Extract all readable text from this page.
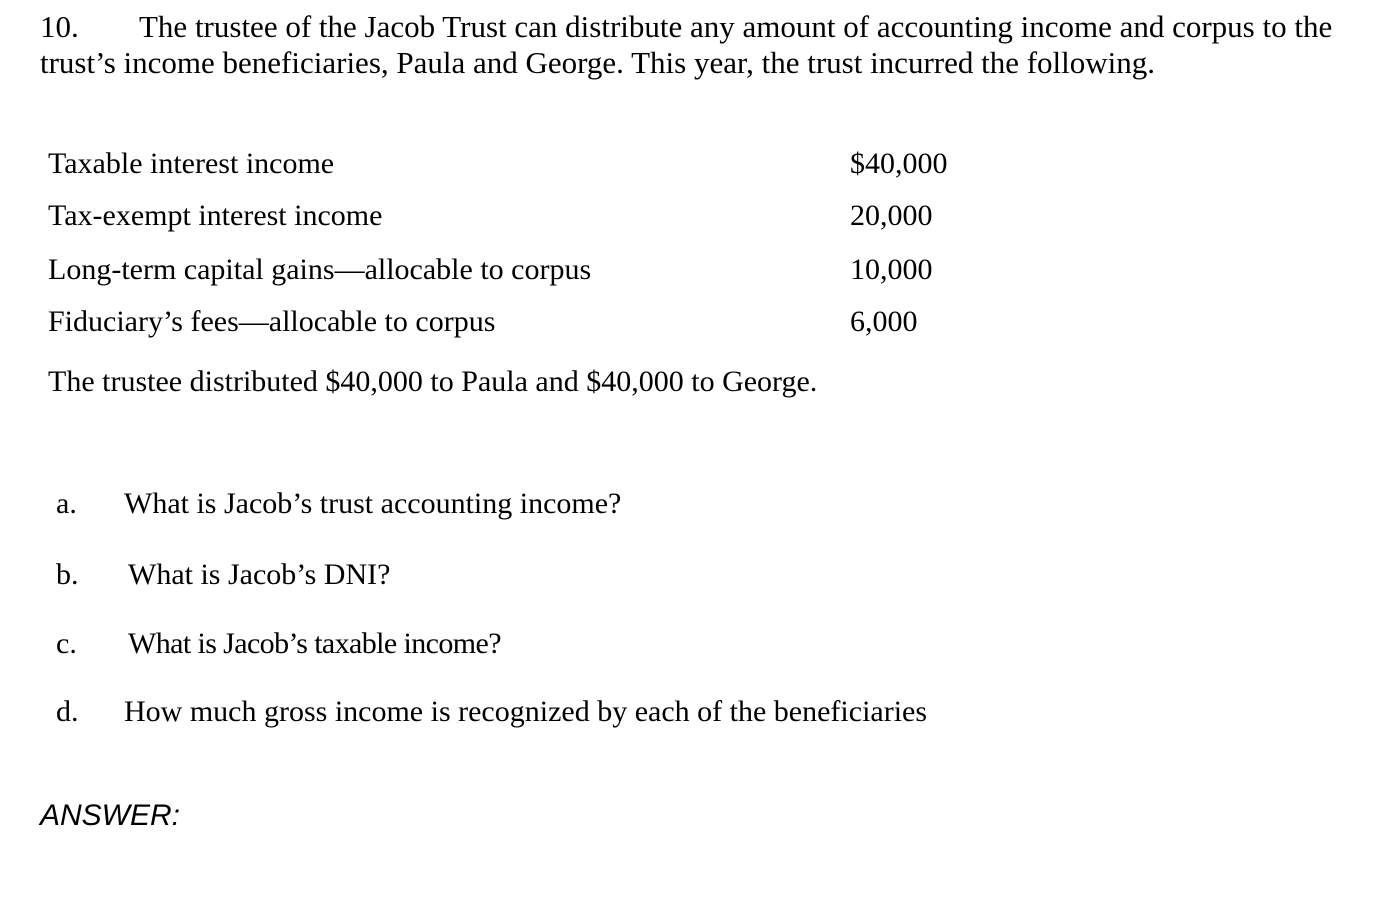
10. The trustee of the Jacob Trust can distribute any amount of accounting income and corpus to the
trust’s income beneficiaries, Paula and George. This year, the trust incurred the following.
Taxable interest income	$40,000
Tax-exempt interest income	20,000
Long-term capital gains—allocable to corpus	10,000
Fiduciary’s fees—allocable to corpus	6,000
The trustee distributed $40,000 to Paula and $40,000 to George.
a. What is Jacob’s trust accounting income?
b. What is Jacob’s DNI?
c. What is Jacob’s taxable income?
d. How much gross income is recognized by each of the beneficiaries
ANSWER:
